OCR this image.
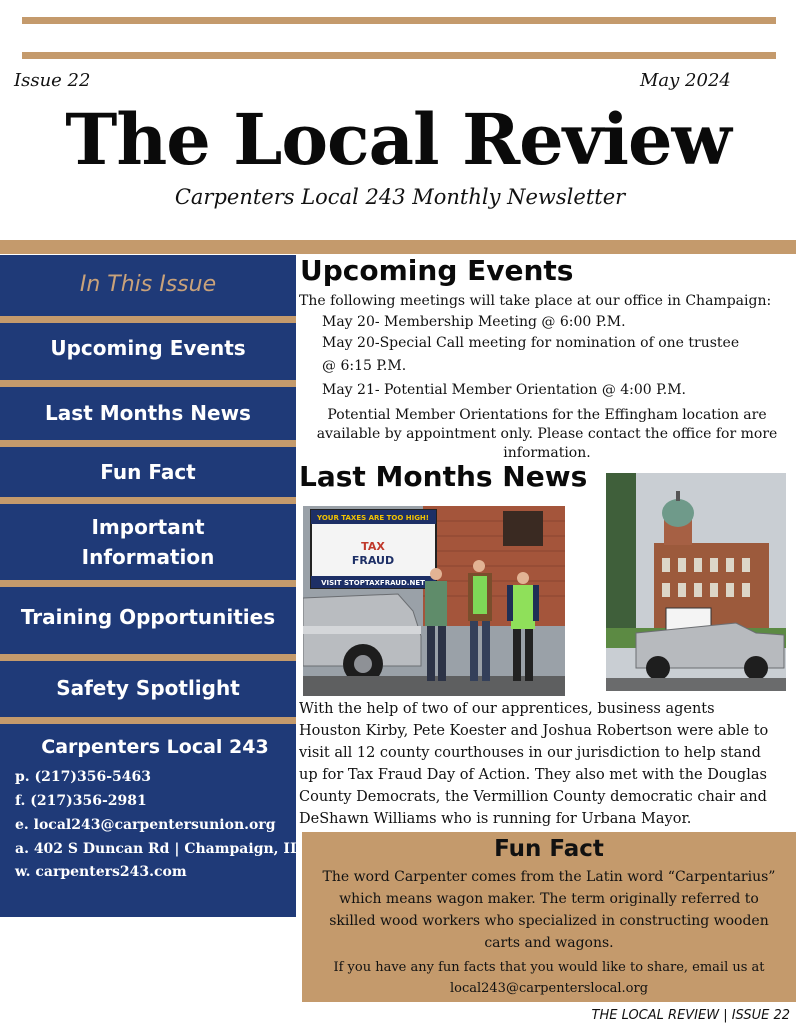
Issue 22	May 2024
The Local Review
Carpenters Local 243 Monthly Newsletter
In This Issue
Upcoming Events
Last Months News
Fun Fact
Important
Information
Training Opportunities
Safety Spotlight
Carpenters Local 243
p. (217)356-5463
f. (217)356-2981
e. local243@carpentersunion.org
a. 402 S Duncan Rd | Champaign, IL
w. carpenters243.com
Upcoming Events
The following meetings will take place at our office in Champaign:
May 20- Membership Meeting @ 6:00 P.M.
May 20-Special Call meeting for nomination of one trustee
@ 6:15 P.M.
May 21- Potential Member Orientation @ 4:00 P.M.
Potential Member Orientations for the Effingham location are
available by appointment only. Please contact the office for more
information.
Last Months News
YOUR TAXES ARE TOO HIGH!
TAX
FRAUD
VISIT STOPTAXFRAUD.NET
With the help of two of our apprentices, business agents
Houston Kirby, Pete Koester and Joshua Robertson were able to
visit all 12 county courthouses in our jurisdiction to help stand
up for Tax Fraud Day of Action. They also met with the Douglas
County Democrats, the Vermillion County democratic chair and
DeShawn Williams who is running for Urbana Mayor.
Fun Fact
The word Carpenter comes from the Latin word “Carpentarius”
which means wagon maker. The term originally referred to
skilled wood workers who specialized in constructing wooden
carts and wagons.
If you have any fun facts that you would like to share, email us at
local243@carpenterslocal.org
THE LOCAL REVIEW | ISSUE 22
